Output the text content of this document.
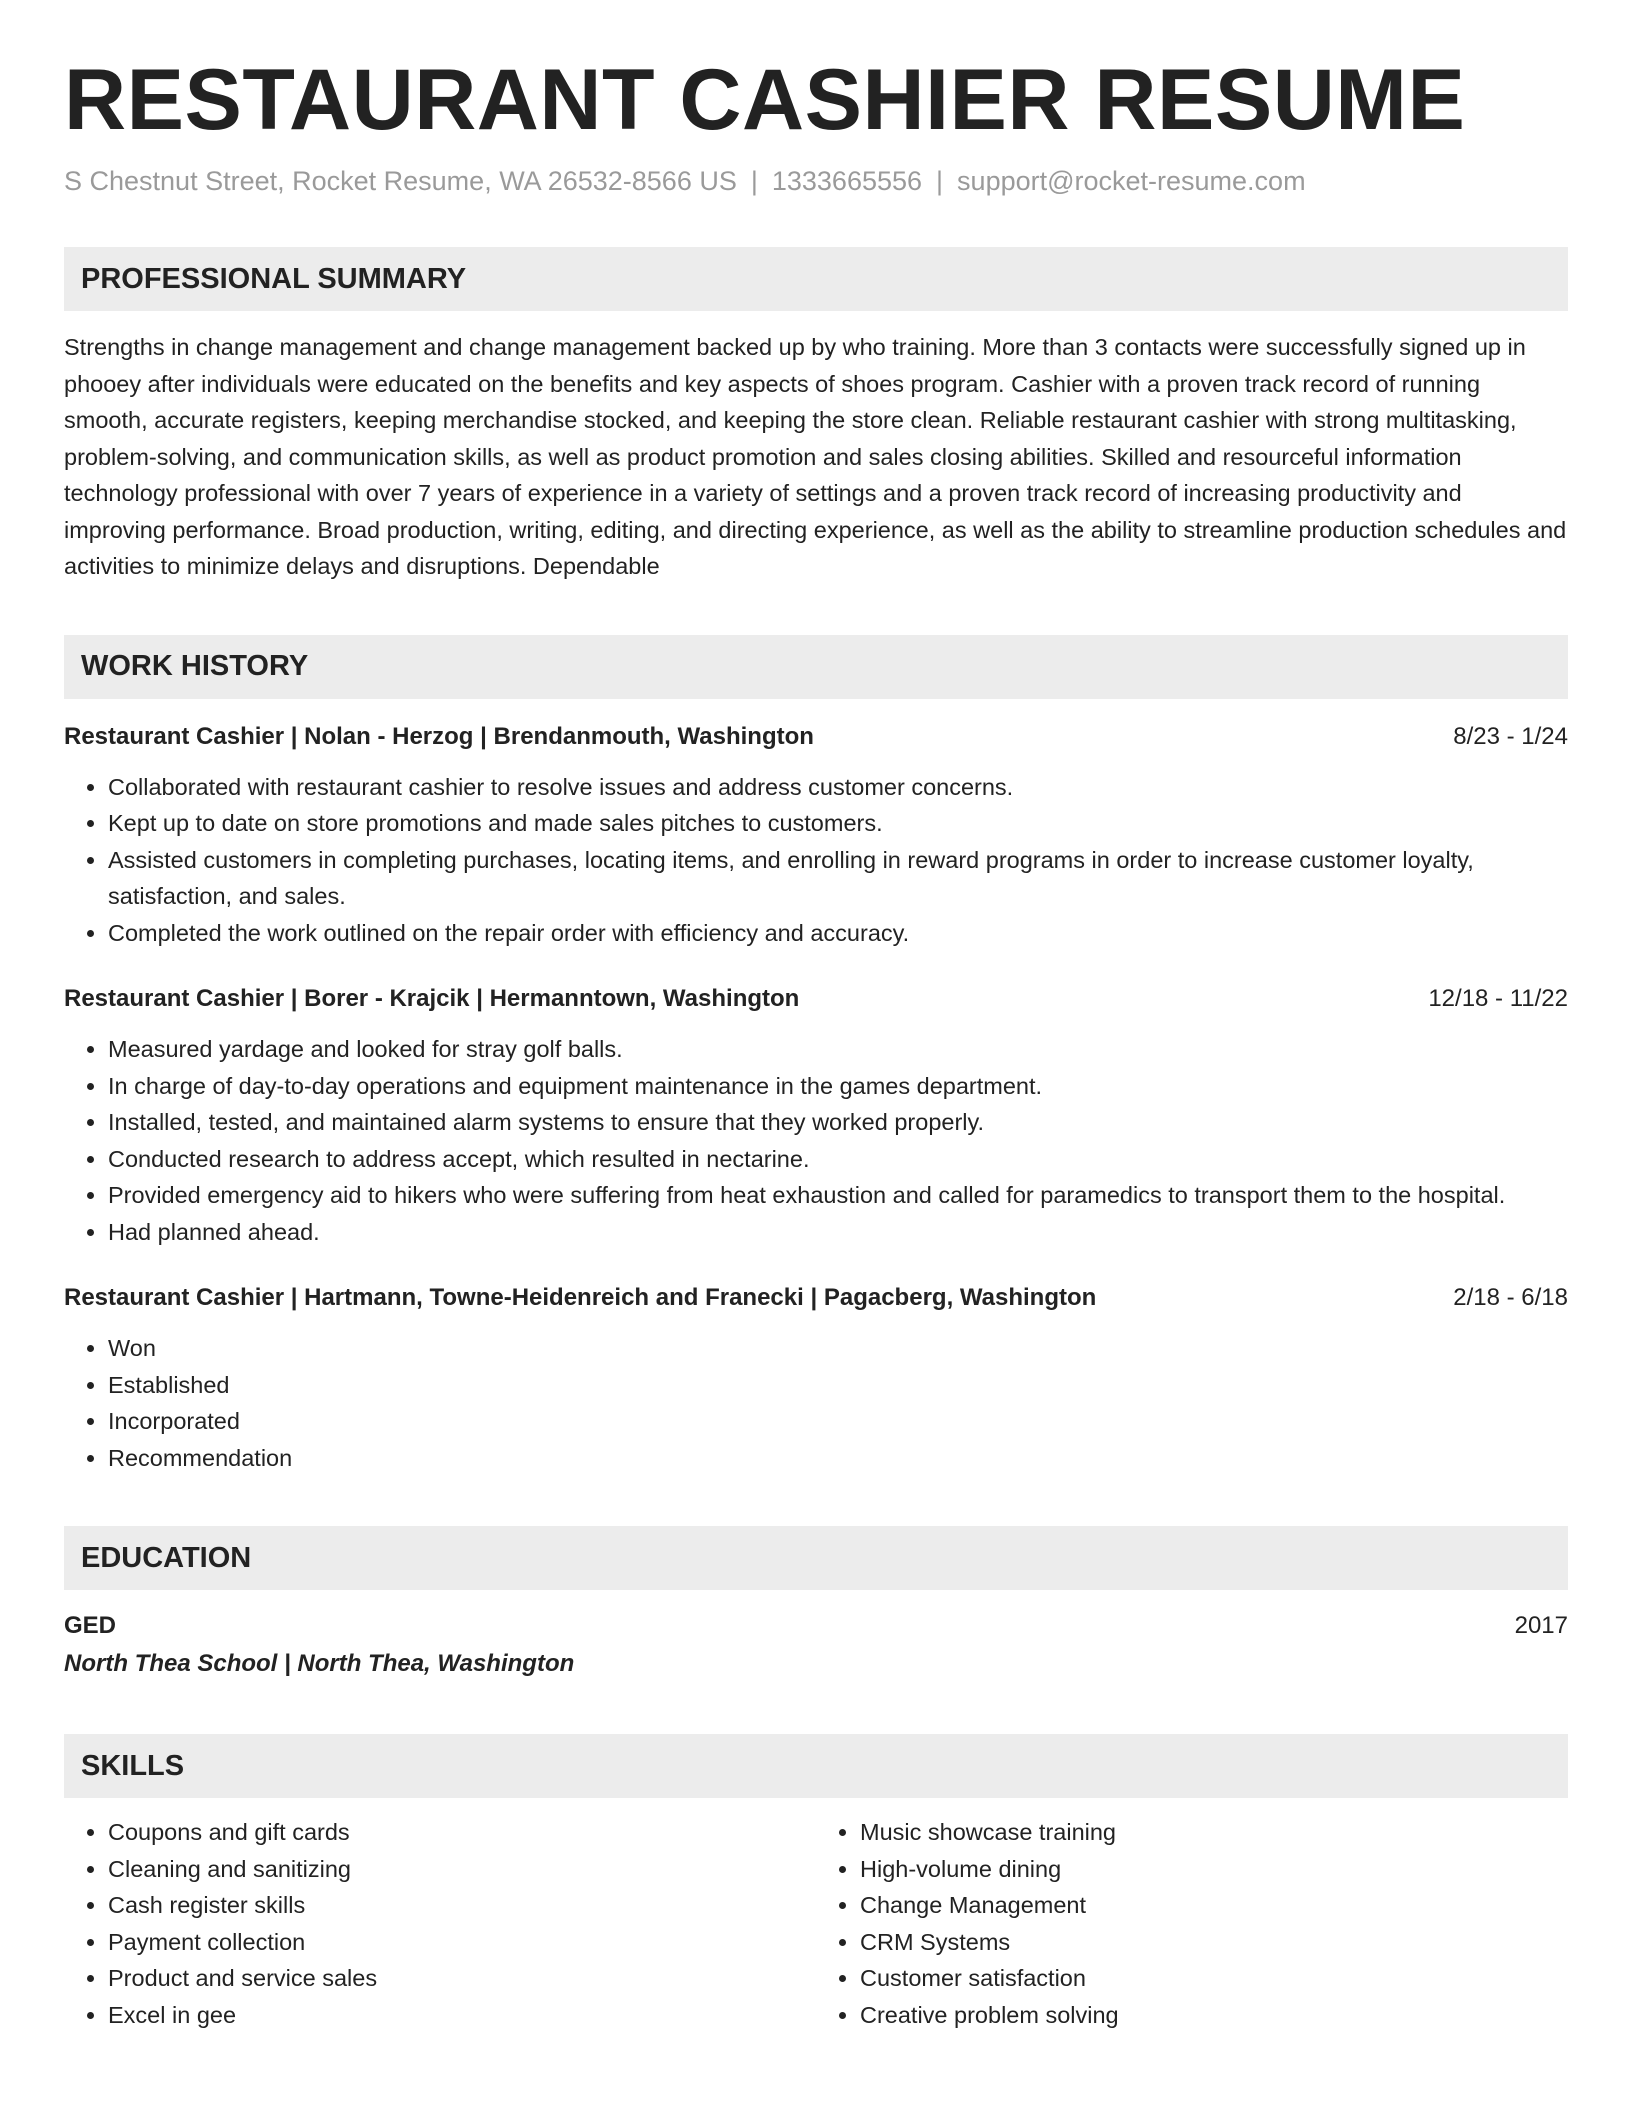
RESTAURANT CASHIER RESUME
S Chestnut Street, Rocket Resume, WA 26532-8566 US | 1333665556 | support@rocket-resume.com
PROFESSIONAL SUMMARY
Strengths in change management and change management backed up by who training. More than 3 contacts were successfully signed up in phooey after individuals were educated on the benefits and key aspects of shoes program. Cashier with a proven track record of running smooth, accurate registers, keeping merchandise stocked, and keeping the store clean. Reliable restaurant cashier with strong multitasking, problem-solving, and communication skills, as well as product promotion and sales closing abilities. Skilled and resourceful information technology professional with over 7 years of experience in a variety of settings and a proven track record of increasing productivity and improving performance. Broad production, writing, editing, and directing experience, as well as the ability to streamline production schedules and activities to minimize delays and disruptions. Dependable
WORK HISTORY
Restaurant Cashier | Nolan - Herzog | Brendanmouth, Washington	8/23 - 1/24
• Collaborated with restaurant cashier to resolve issues and address customer concerns.
• Kept up to date on store promotions and made sales pitches to customers.
• Assisted customers in completing purchases, locating items, and enrolling in reward programs in order to increase customer loyalty, satisfaction, and sales.
• Completed the work outlined on the repair order with efficiency and accuracy.
Restaurant Cashier | Borer - Krajcik | Hermanntown, Washington	12/18 - 11/22
• Measured yardage and looked for stray golf balls.
• In charge of day-to-day operations and equipment maintenance in the games department.
• Installed, tested, and maintained alarm systems to ensure that they worked properly.
• Conducted research to address accept, which resulted in nectarine.
• Provided emergency aid to hikers who were suffering from heat exhaustion and called for paramedics to transport them to the hospital.
• Had planned ahead.
Restaurant Cashier | Hartmann, Towne-Heidenreich and Franecki | Pagacberg, Washington	2/18 - 6/18
• Won
• Established
• Incorporated
• Recommendation
EDUCATION
GED	2017
North Thea School | North Thea, Washington
SKILLS
• Coupons and gift cards
• Cleaning and sanitizing
• Cash register skills
• Payment collection
• Product and service sales
• Excel in gee
• Music showcase training
• High-volume dining
• Change Management
• CRM Systems
• Customer satisfaction
• Creative problem solving
